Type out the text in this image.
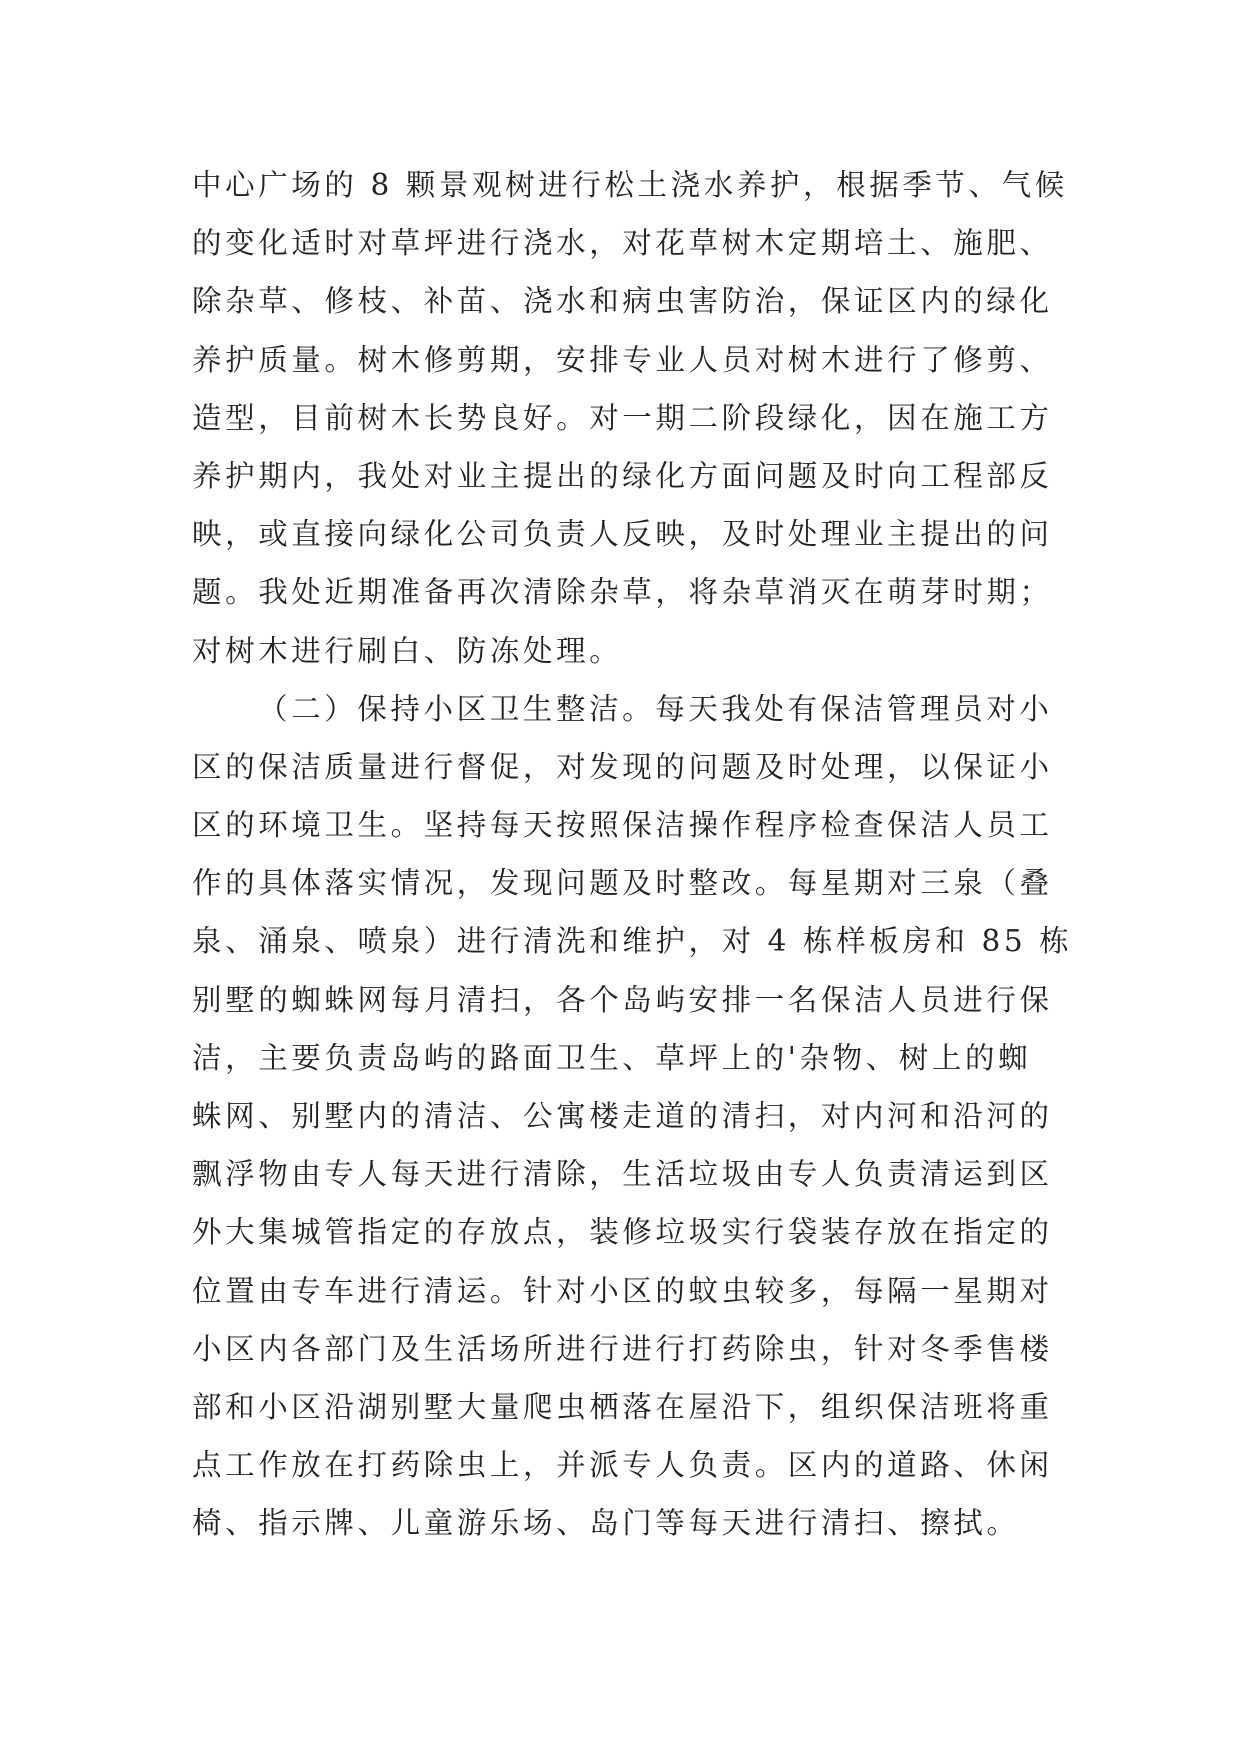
中心广场的 8 颗景观树进行松土浇水养护，根据季节、气候
的变化适时对草坪进行浇水，对花草树木定期培土、施肥、
除杂草、修枝、补苗、浇水和病虫害防治，保证区内的绿化
养护质量。树木修剪期，安排专业人员对树木进行了修剪、
造型，目前树木长势良好。对一期二阶段绿化，因在施工方
养护期内，我处对业主提出的绿化方面问题及时向工程部反
映，或直接向绿化公司负责人反映，及时处理业主提出的问
题。我处近期准备再次清除杂草，将杂草消灭在萌芽时期；
对树木进行刷白、防冻处理。
（二）保持小区卫生整洁。每天我处有保洁管理员对小
区的保洁质量进行督促，对发现的问题及时处理，以保证小
区的环境卫生。坚持每天按照保洁操作程序检查保洁人员工
作的具体落实情况，发现问题及时整改。每星期对三泉（叠
泉、涌泉、喷泉）进行清洗和维护，对 4 栋样板房和 85 栋
别墅的蜘蛛网每月清扫，各个岛屿安排一名保洁人员进行保
洁，主要负责岛屿的路面卫生、草坪上的'杂物、树上的蜘
蛛网、别墅内的清洁、公寓楼走道的清扫，对内河和沿河的
飘浮物由专人每天进行清除，生活垃圾由专人负责清运到区
外大集城管指定的存放点，装修垃圾实行袋装存放在指定的
位置由专车进行清运。针对小区的蚊虫较多，每隔一星期对
小区内各部门及生活场所进行进行打药除虫，针对冬季售楼
部和小区沿湖别墅大量爬虫栖落在屋沿下，组织保洁班将重
点工作放在打药除虫上，并派专人负责。区内的道路、休闲
椅、指示牌、儿童游乐场、岛门等每天进行清扫、擦拭。
